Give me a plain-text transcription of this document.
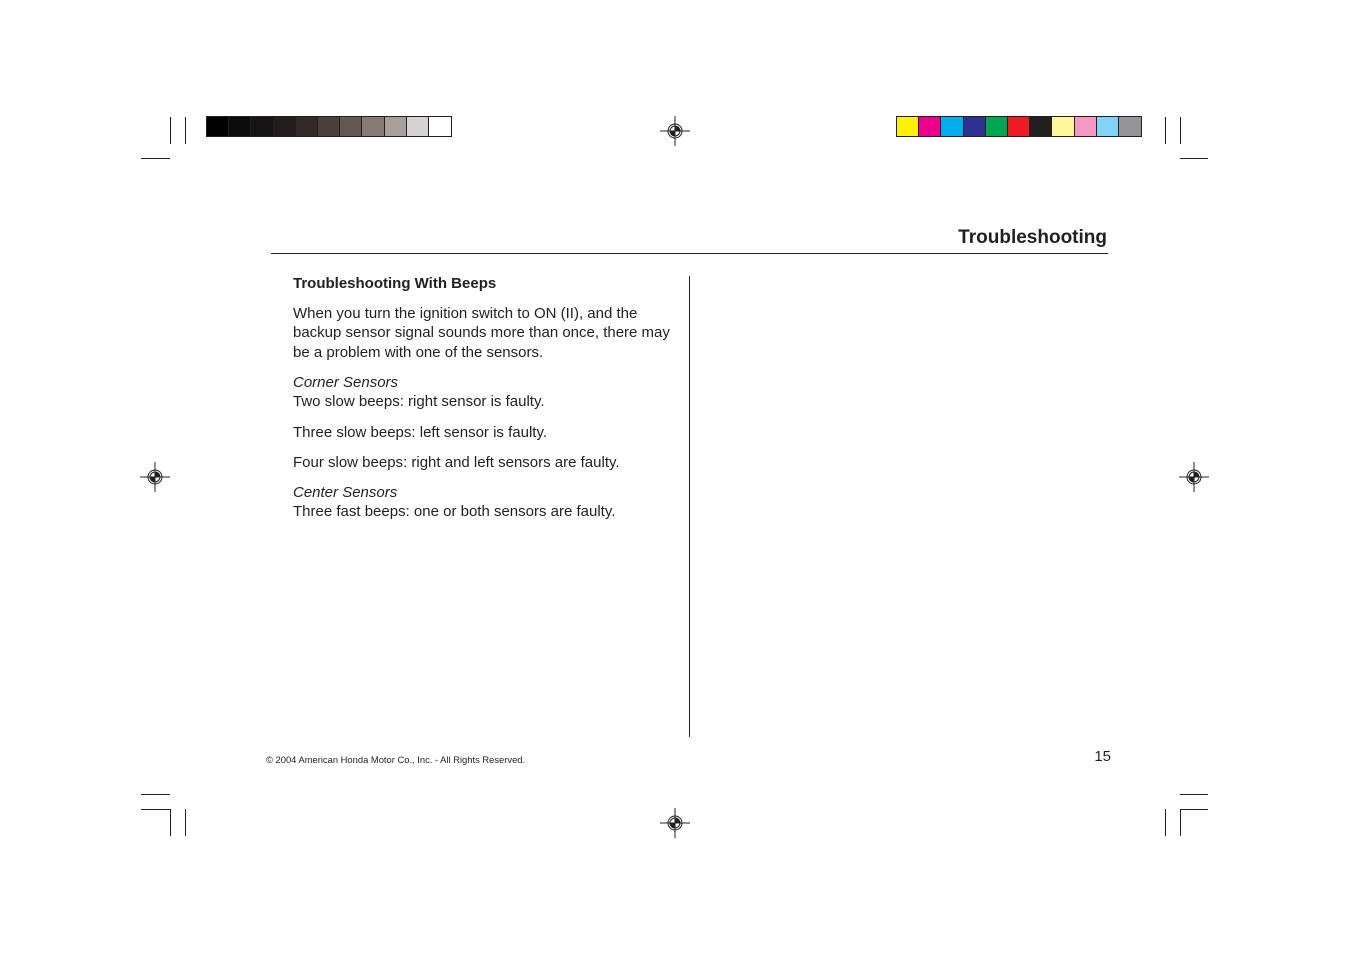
Troubleshooting
Troubleshooting With Beeps

When you turn the ignition switch to ON (II), and the backup sensor signal sounds more than once, there may be a problem with one of the sensors.

Corner Sensors
Two slow beeps: right sensor is faulty.

Three slow beeps: left sensor is faulty.

Four slow beeps: right and left sensors are faulty.

Center Sensors
Three fast beeps: one or both sensors are faulty.

© 2004 American Honda Motor Co., Inc. - All Rights Reserved.	15
